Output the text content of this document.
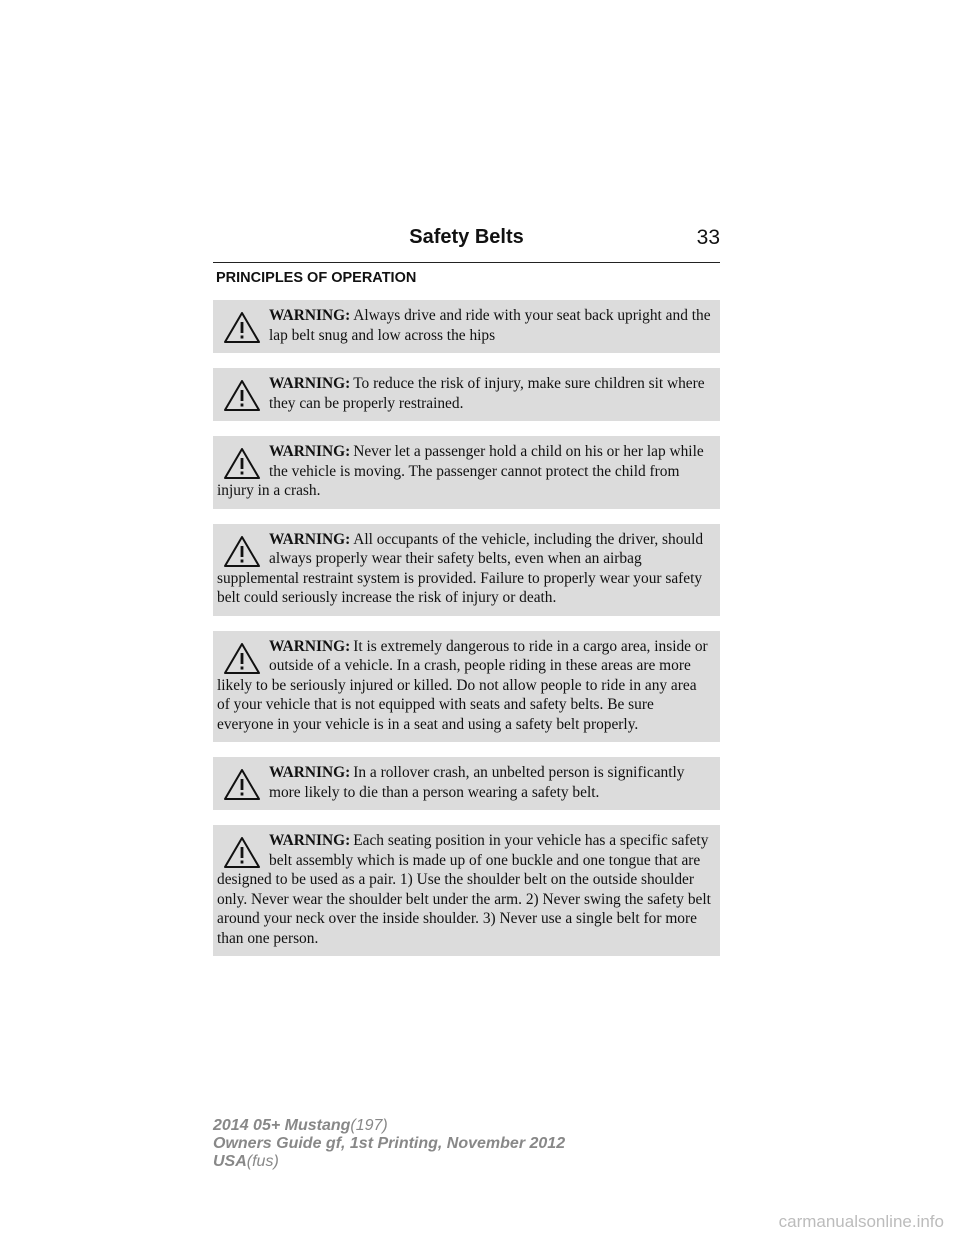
Safety Belts	33
PRINCIPLES OF OPERATION
WARNING: Always drive and ride with your seat back upright and the lap belt snug and low across the hips
WARNING: To reduce the risk of injury, make sure children sit where they can be properly restrained.
WARNING: Never let a passenger hold a child on his or her lap while the vehicle is moving. The passenger cannot protect the child from injury in a crash.
WARNING: All occupants of the vehicle, including the driver, should always properly wear their safety belts, even when an airbag supplemental restraint system is provided. Failure to properly wear your safety belt could seriously increase the risk of injury or death.
WARNING: It is extremely dangerous to ride in a cargo area, inside or outside of a vehicle. In a crash, people riding in these areas are more likely to be seriously injured or killed. Do not allow people to ride in any area of your vehicle that is not equipped with seats and safety belts. Be sure everyone in your vehicle is in a seat and using a safety belt properly.
WARNING: In a rollover crash, an unbelted person is significantly more likely to die than a person wearing a safety belt.
WARNING: Each seating position in your vehicle has a specific safety belt assembly which is made up of one buckle and one tongue that are designed to be used as a pair. 1) Use the shoulder belt on the outside shoulder only. Never wear the shoulder belt under the arm. 2) Never swing the safety belt around your neck over the inside shoulder. 3) Never use a single belt for more than one person.
2014 05+ Mustang(197)
Owners Guide gf, 1st Printing, November 2012
USA(fus)
carmanualsonline.info
